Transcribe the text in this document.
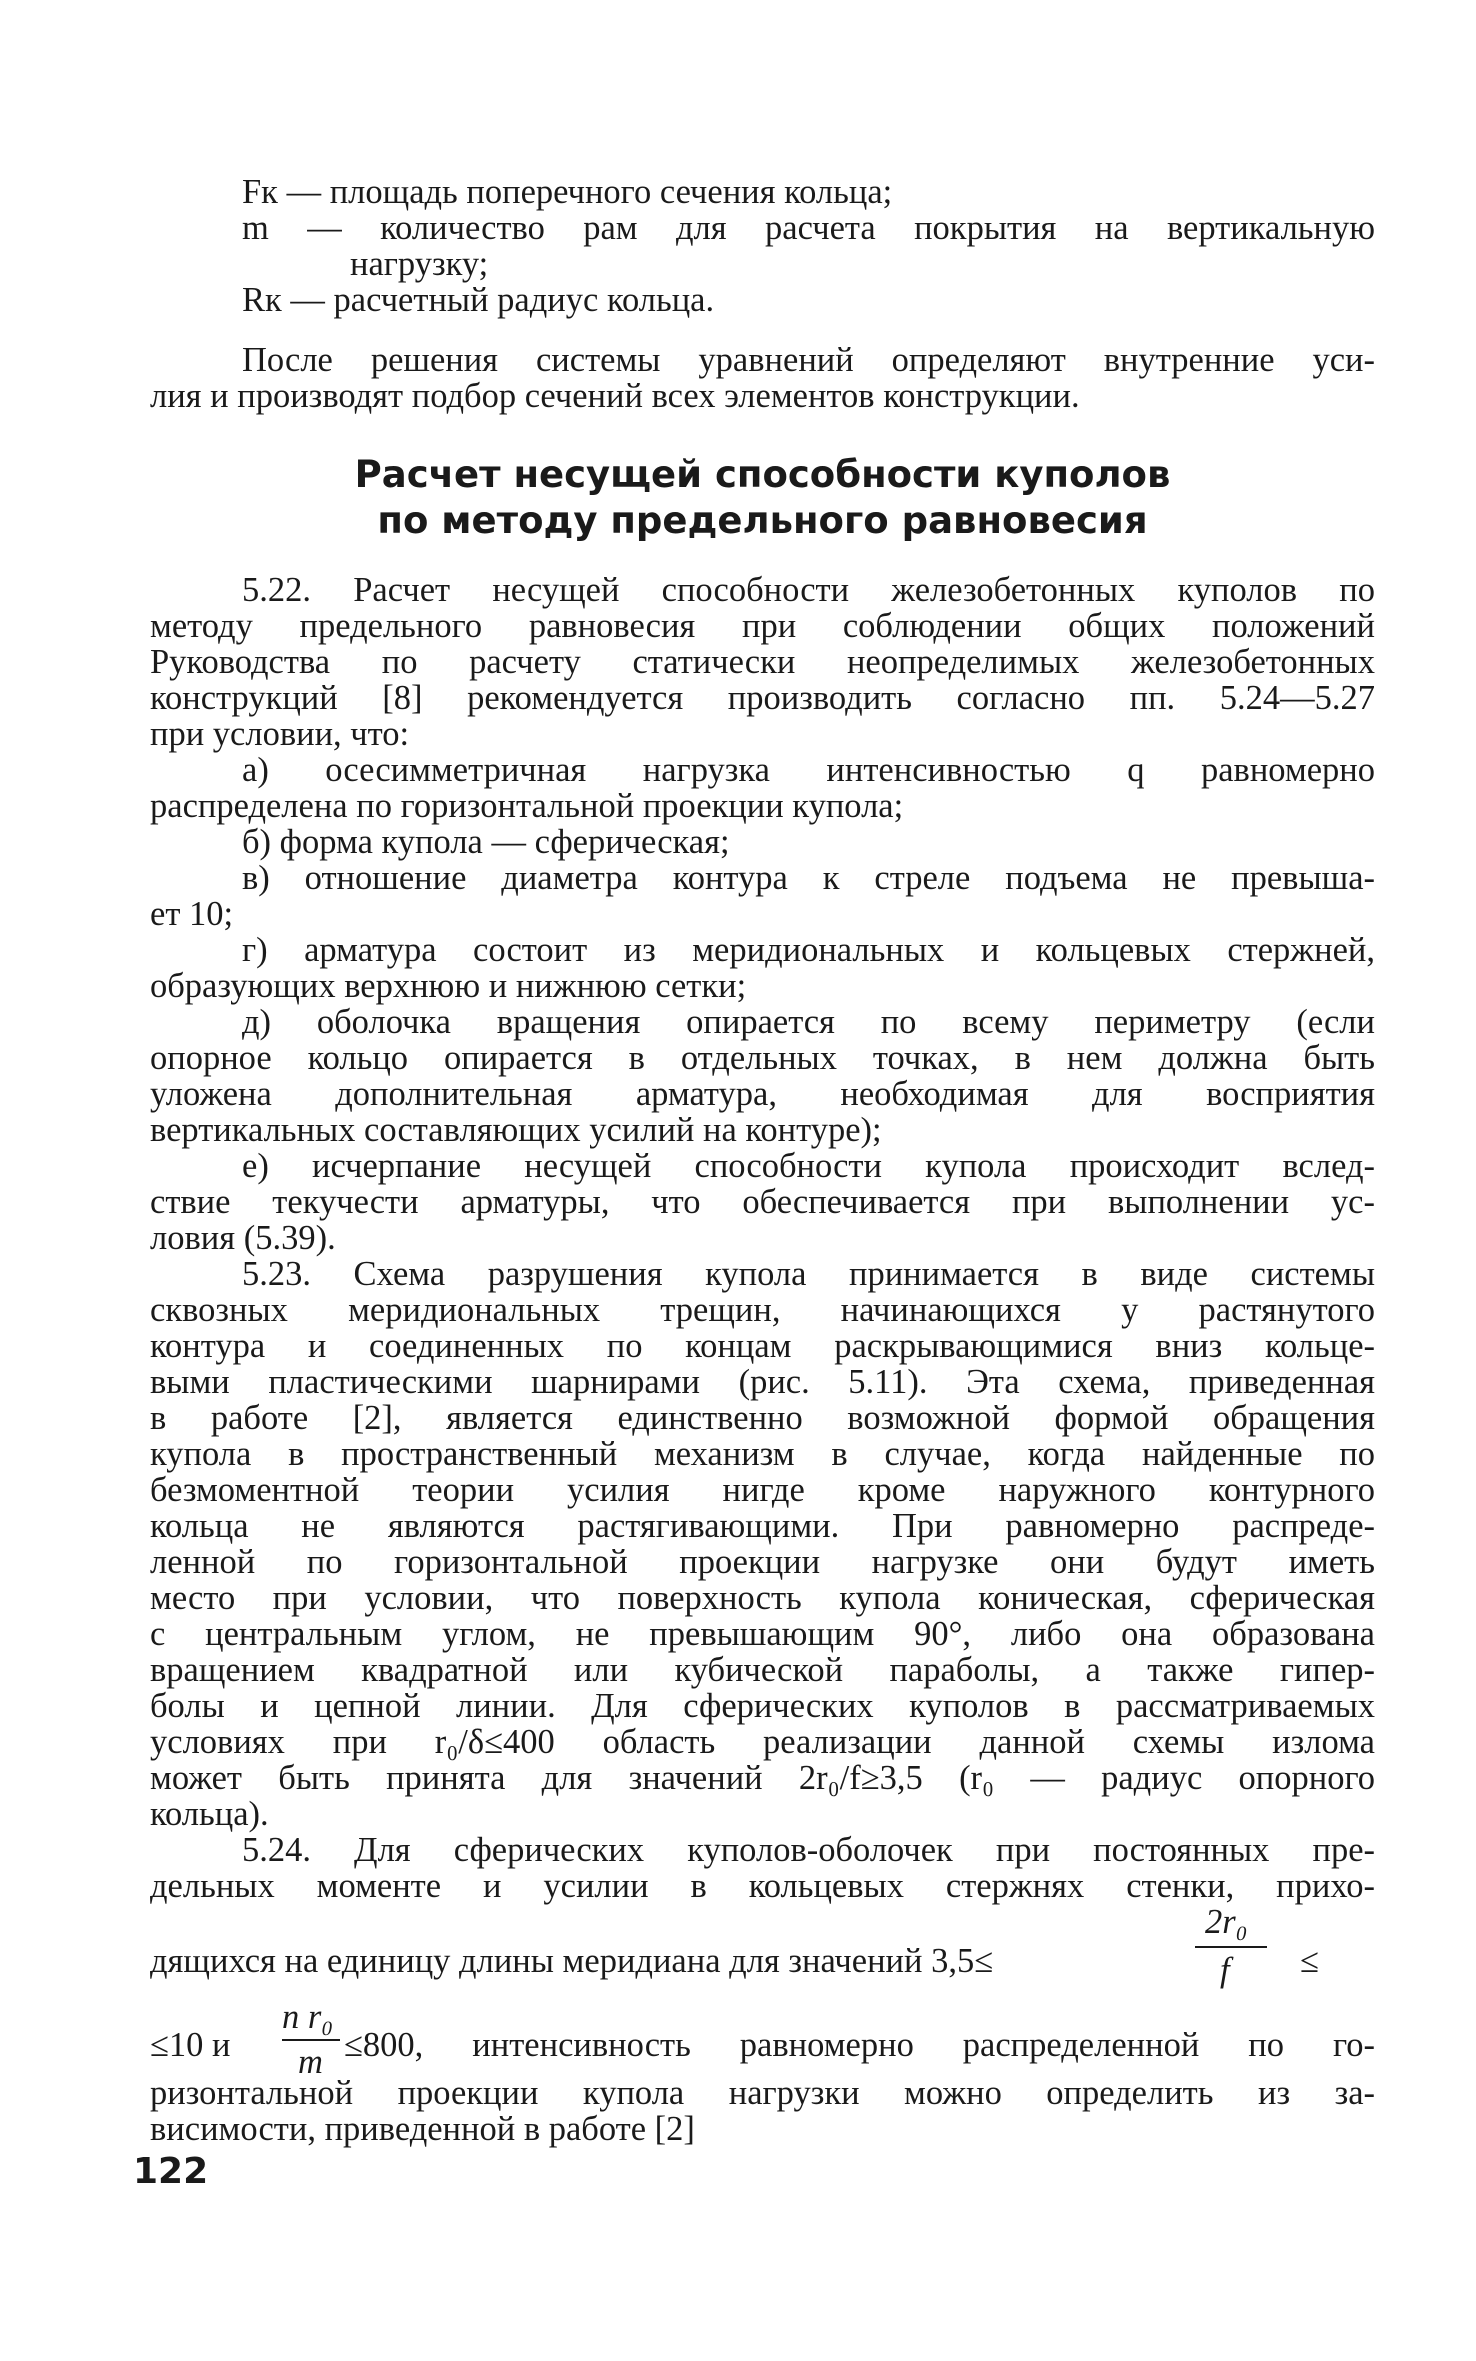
Fк — площадь поперечного сечения кольца;
m — количество рам для расчета покрытия на вертикальную
нагрузку;
Rк — расчетный радиус кольца.
После решения системы уравнений определяют внутренние уси-
лия и производят подбор сечений всех элементов конструкции.
Расчет несущей способности куполов
по методу предельного равновесия
5.22. Расчет несущей способности железобетонных куполов по
методу предельного равновесия при соблюдении общих положений
Руководства по расчету статически неопределимых железобетонных
конструкций [8] рекомендуется производить согласно пп. 5.24—5.27
при условии, что:
а) осесимметричная нагрузка интенсивностью q равномерно
распределена по горизонтальной проекции купола;
б) форма купола — сферическая;
в) отношение диаметра контура к стреле подъема не превыша-
ет 10;
г) арматура состоит из меридиональных и кольцевых стержней,
образующих верхнюю и нижнюю сетки;
д) оболочка вращения опирается по всему периметру (если
опорное кольцо опирается в отдельных точках, в нем должна быть
уложена дополнительная арматура, необходимая для восприятия
вертикальных составляющих усилий на контуре);
е) исчерпание несущей способности купола происходит вслед-
ствие текучести арматуры, что обеспечивается при выполнении ус-
ловия (5.39).
5.23. Схема разрушения купола принимается в виде системы
сквозных меридиональных трещин, начинающихся у растянутого
контура и соединенных по концам раскрывающимися вниз кольце-
выми пластическими шарнирами (рис. 5.11). Эта схема, приведенная
в работе [2], является единственно возможной формой обращения
купола в пространственный механизм в случае, когда найденные по
безмоментной теории усилия нигде кроме наружного контурного
кольца не являются растягивающими. При равномерно распреде-
ленной по горизонтальной проекции нагрузке они будут иметь
место при условии, что поверхность купола коническая, сферическая
с центральным углом, не превышающим 90°, либо она образована
вращением квадратной или кубической параболы, а также гипер-
болы и цепной линии. Для сферических куполов в рассматриваемых
условиях при r₀/δ≤400 область реализации данной схемы излома
может быть принята для значений 2r₀/f≥3,5 (r₀ — радиус опорного
кольца).
5.24. Для сферических куполов-оболочек при постоянных пре-
дельных моменте и усилии в кольцевых стержнях стенки, прихо-
дящихся на единицу длины меридиана для значений 3,5≤
2r₀
f ≤
n r₀
m
≤10 и	≤800, интенсивность равномерно распределенной по го-
ризонтальной проекции купола нагрузки можно определить из за-
висимости, приведенной в работе [2]
122
